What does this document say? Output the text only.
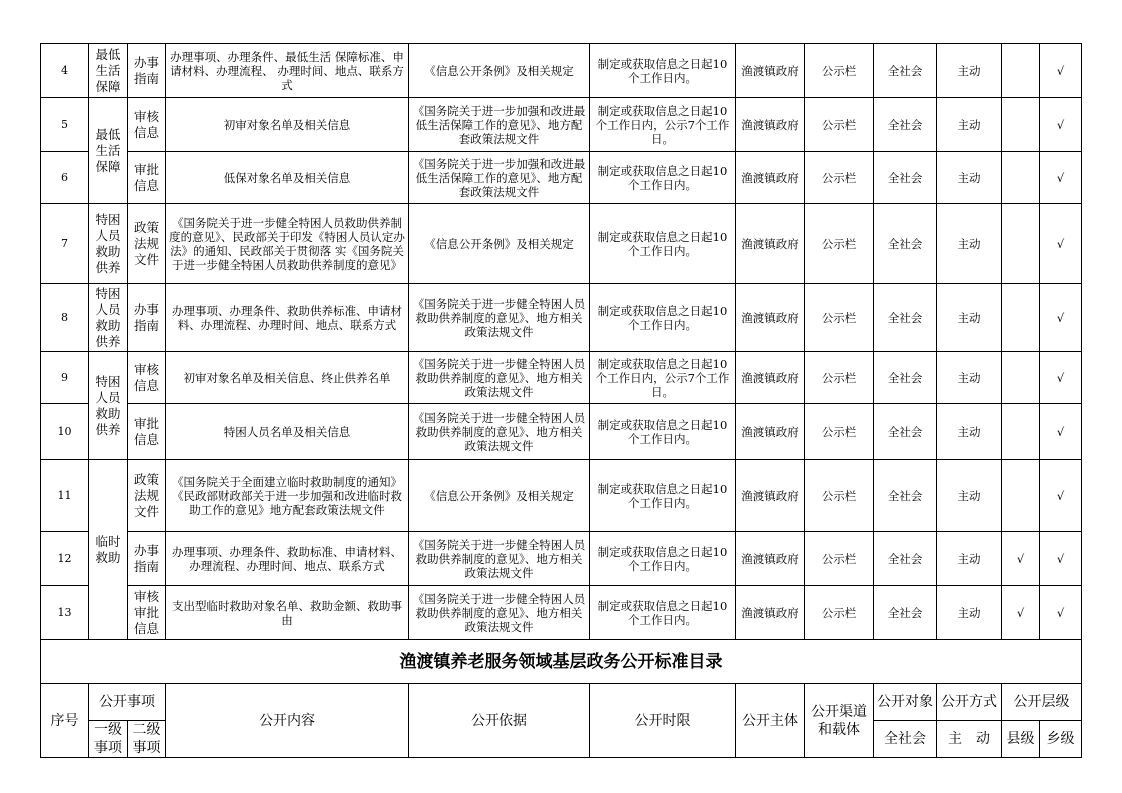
4	最低生活保障	办事指南	办理事项、办理条件、最低生活 保障标准、申请材料、办理流程、 办理时间、地点、联系方式	《信息公开条例》及相关规定	制定或获取信息之日起10个工作日内。	渔渡镇政府	公示栏	全社会	主动		√
5	最低生活保障	审核信息	初审对象名单及相关信息	《国务院关于进一步加强和改进最低生活保障工作的意见》、地方配套政策法规文件	制定或获取信息之日起10个工作日内，公示7个工作日。	渔渡镇政府	公示栏	全社会	主动		√
6		审批信息	低保对象名单及相关信息	《国务院关于进一步加强和改进最低生活保障工作的意见》、地方配套政策法规文件	制定或获取信息之日起10个工作日内。	渔渡镇政府	公示栏	全社会	主动		√
7	特困人员救助供养	政策法规文件	《国务院关于进一步健全特困人员救助供养制度的意见》、民政部关于印发《特困人员认定办法》的通知、民政部关于贯彻落 实《国务院关于进一步健全特困人员救助供养制度的意见》	《信息公开条例》及相关规定	制定或获取信息之日起10个工作日内。	渔渡镇政府	公示栏	全社会	主动		√
8	特困人员救助供养	办事指南	办理事项、办理条件、救助供养标准、申请材料、办理流程、办理时间、地点、联系方式	《国务院关于进一步健全特困人员救助供养制度的意见》、地方相关政策法规文件	制定或获取信息之日起10个工作日内。	渔渡镇政府	公示栏	全社会	主动		√
9	特困人员救助供养	审核信息	初审对象名单及相关信息、终止供养名单	《国务院关于进一步健全特困人员救助供养制度的意见》、地方相关政策法规文件	制定或获取信息之日起10个工作日内，公示7个工作日。	渔渡镇政府	公示栏	全社会	主动		√
10		审批信息	特困人员名单及相关信息	《国务院关于进一步健全特困人员救助供养制度的意见》、地方相关政策法规文件	制定或获取信息之日起10个工作日内。	渔渡镇政府	公示栏	全社会	主动		√
11	临时救助	政策法规文件	《国务院关于全面建立临时救助制度的通知》《民政部财政部关于进一步加强和改进临时救助工作的意见》地方配套政策法规文件	《信息公开条例》及相关规定	制定或获取信息之日起10个工作日内。	渔渡镇政府	公示栏	全社会	主动		√
12		办事指南	办理事项、办理条件、救助标准、申请材料、办理流程、办理时间、地点、联系方式	《国务院关于进一步健全特困人员救助供养制度的意见》、地方相关政策法规文件	制定或获取信息之日起10个工作日内。	渔渡镇政府	公示栏	全社会	主动	√	√
13		审核审批信息	支出型临时救助对象名单、救助金额、救助事由	《国务院关于进一步健全特困人员救助供养制度的意见》、地方相关政策法规文件	制定或获取信息之日起10个工作日内。	渔渡镇政府	公示栏	全社会	主动	√	√
渔渡镇养老服务领域基层政务公开标准目录											
序号	公开事项		公开内容	公开依据	公开时限	公开主体	公开渠道和载体	公开对象	公开方式	公开层级	
	一级事项	二级事项						全社会	主　动	县级	乡级
